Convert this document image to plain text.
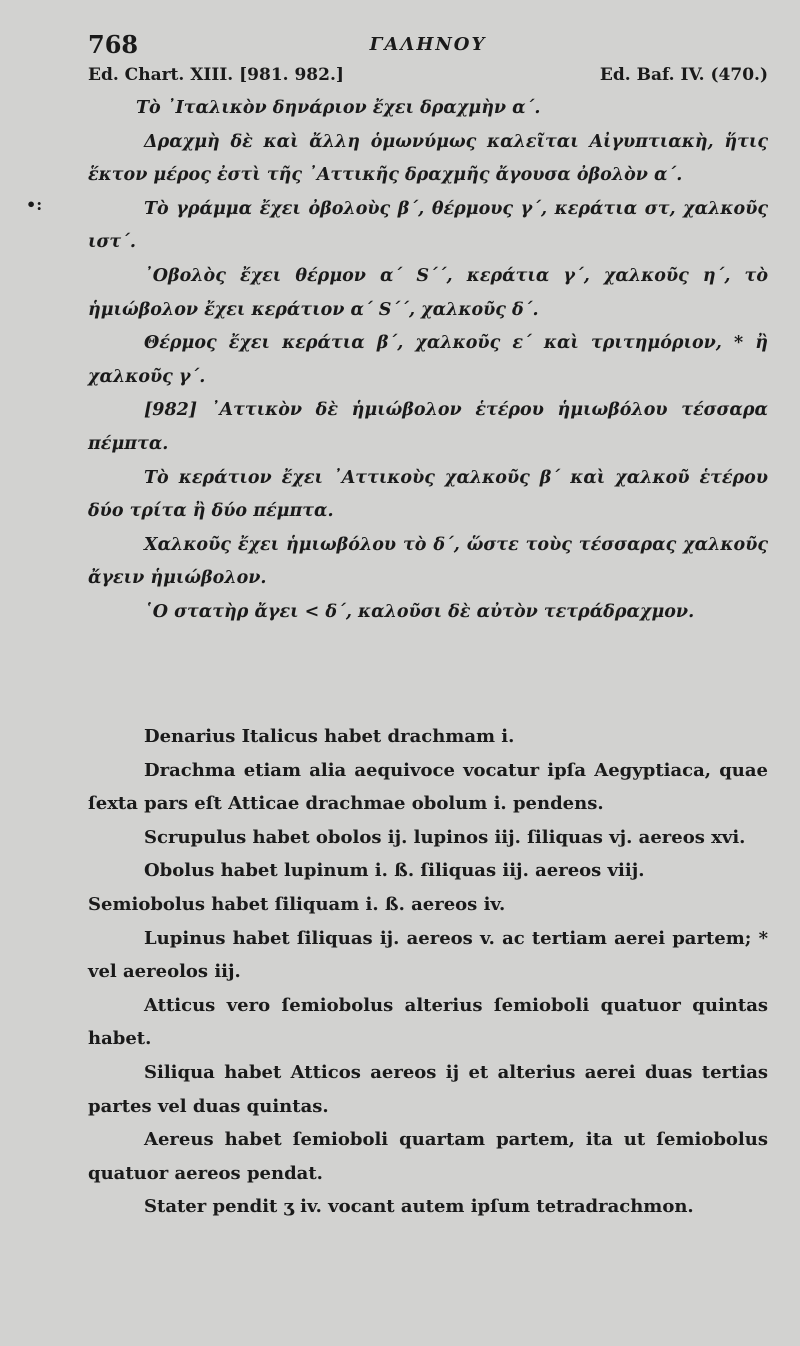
768	ΓΑΛΗΝΟΥ
Ed. Chart. XIII. [981. 982.]	Ed. Baf. IV. (470.)
•:

Τὸ ᾿Ιταλικὸν δηνάριον ἔχει δραχμὴν α΄.

Δραχμὴ δὲ καὶ ἄλλη ὁμωνύμως καλεῖται Αἰγυπτιακὴ, ἥτις ἕκτον μέρος ἐστὶ τῆς ᾿Αττικῆς δραχμῆς ἄγουσα ὀβολὸν α΄.

Τὸ γράμμα ἔχει ὀβολοὺς β΄, θέρμους γ΄, κεράτια στ, χαλκοῦς ιστ΄.

᾿Οβολὸς ἔχει θέρμον α΄ S΄΄, κεράτια γ΄, χαλκοῦς η΄, τὸ ἡμιώβολον ἔχει κεράτιον α΄ S΄΄, χαλκοῦς δ΄.

Θέρμος ἔχει κεράτια β΄, χαλκοῦς ε΄ καὶ τριτημόριον, * ἢ χαλκοῦς γ΄.

[982] ᾿Αττικὸν δὲ ἡμιώβολον ἑτέρου ἡμιωβόλου τέσσαρα πέμπτα.

Τὸ κεράτιον ἔχει ᾿Αττικοὺς χαλκοῦς β΄ καὶ χαλκοῦ ἑτέρου δύο τρίτα ἢ δύο πέμπτα.

Χαλκοῦς ἔχει ἡμιωβόλου τὸ δ΄, ὥστε τοὺς τέσσαρας χαλκοῦς ἄγειν ἡμιώβολον.

῾Ο στατὴρ ἄγει < δ΄, καλοῦσι δὲ αὐτὸν τετράδραχμον.

Denarius Italicus habet drachmam i.

Drachma etiam alia aequivoce vocatur ipſa Aegyptiaca, quae ſexta pars eſt Atticae drachmae obolum i. pendens.

Scrupulus habet obolos ij. lupinos iij. ſiliquas vj. aereos xvi.

Obolus habet lupinum i. ß. ſiliquas iij. aereos viij.

Semiobolus habet ſiliquam i. ß. aereos iv.

Lupinus habet ſiliquas ij. aereos v. ac tertiam aerei partem; * vel aereolos iij.

Atticus vero ſemiobolus alterius ſemioboli quatuor quintas habet.

Siliqua habet Atticos aereos ij et alterius aerei duas tertias partes vel duas quintas.

Aereus habet ſemioboli quartam partem, ita ut ſemiobolus quatuor aereos pendat.

Stater pendit ʒ iv. vocant autem ipſum tetradrachmon.
